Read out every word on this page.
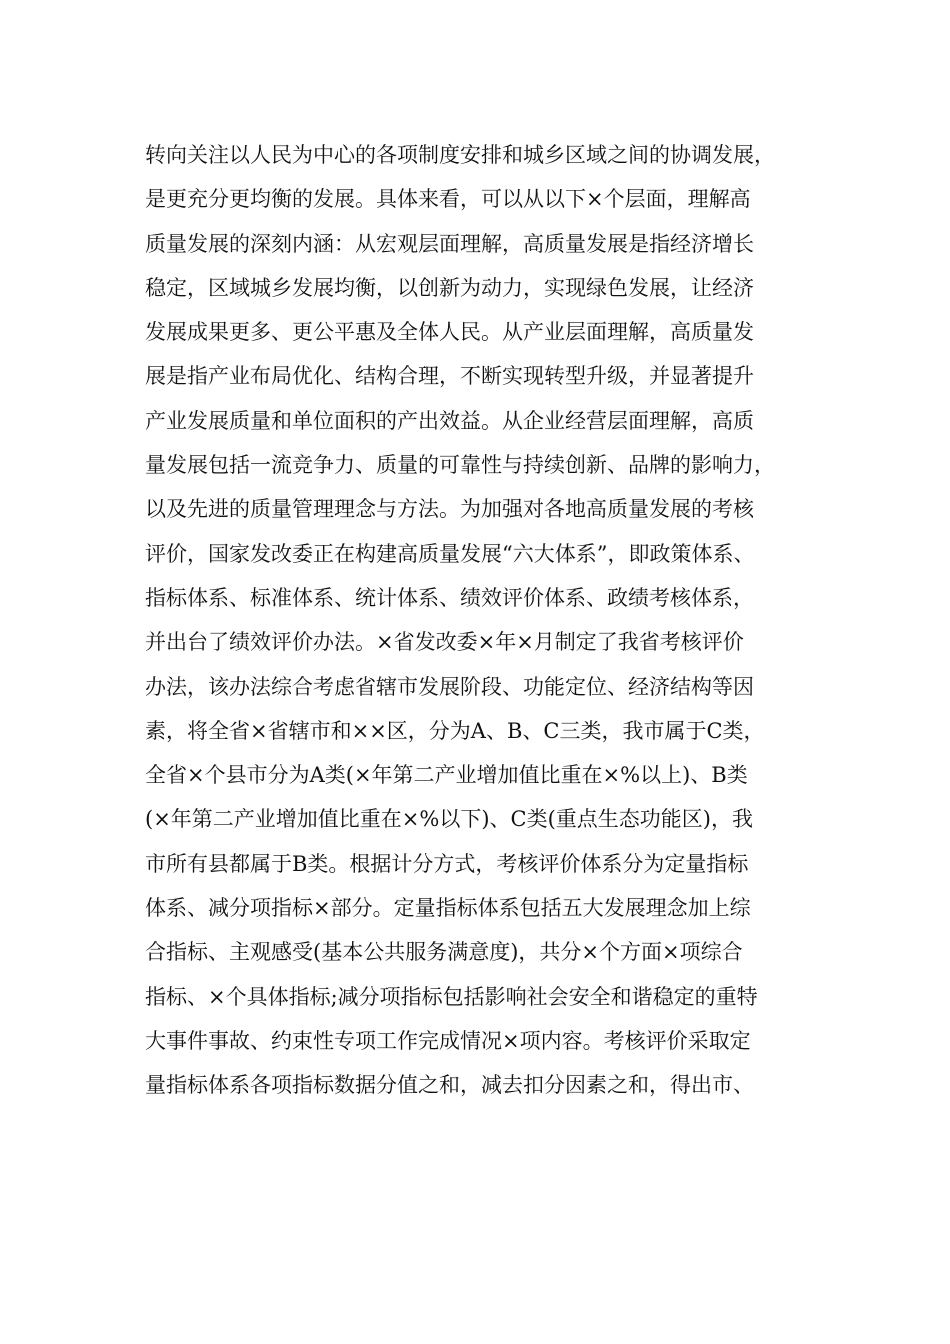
转向关注以人民为中心的各项制度安排和城乡区域之间的协调发展，
是更充分更均衡的发展。具体来看，可以从以下×个层面，理解高
质量发展的深刻内涵：从宏观层面理解，高质量发展是指经济增长
稳定，区域城乡发展均衡，以创新为动力，实现绿色发展，让经济
发展成果更多、更公平惠及全体人民。从产业层面理解，高质量发
展是指产业布局优化、结构合理，不断实现转型升级，并显著提升
产业发展质量和单位面积的产出效益。从企业经营层面理解，高质
量发展包括一流竞争力、质量的可靠性与持续创新、品牌的影响力，
以及先进的质量管理理念与方法。为加强对各地高质量发展的考核
评价，国家发改委正在构建高质量发展“六大体系”，即政策体系、
指标体系、标准体系、统计体系、绩效评价体系、政绩考核体系，
并出台了绩效评价办法。×省发改委×年×月制定了我省考核评价
办法，该办法综合考虑省辖市发展阶段、功能定位、经济结构等因
素，将全省×省辖市和××区，分为A、B、C三类，我市属于C类，
全省×个县市分为A类(×年第二产业增加值比重在×%以上)、B类
(×年第二产业增加值比重在×%以下)、C类(重点生态功能区)，我
市所有县都属于B类。根据计分方式，考核评价体系分为定量指标
体系、减分项指标×部分。定量指标体系包括五大发展理念加上综
合指标、主观感受(基本公共服务满意度)，共分×个方面×项综合
指标、×个具体指标;减分项指标包括影响社会安全和谐稳定的重特
大事件事故、约束性专项工作完成情况×项内容。考核评价采取定
量指标体系各项指标数据分值之和，减去扣分因素之和，得出市、
